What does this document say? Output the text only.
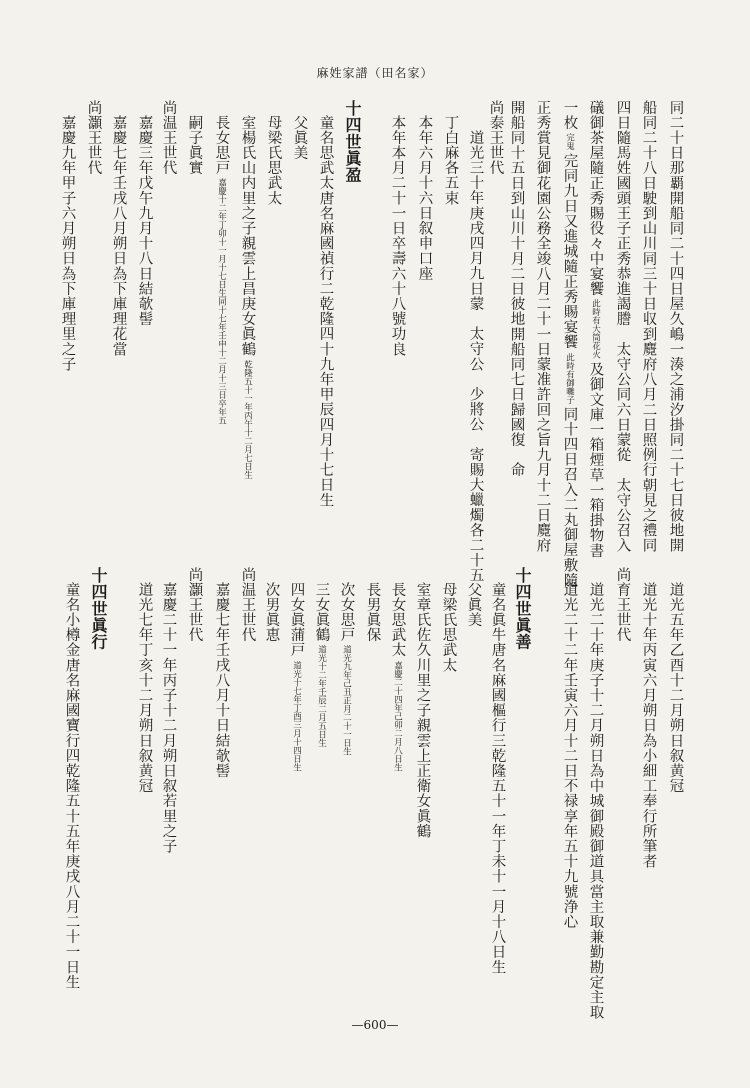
麻姓家譜（田名家）
同二十日那覇開船同二十四日屋久嶋一湊之浦汐掛同二十七日彼地開
船同二十八日駛到山川同三十日収到麑府八月二日照例行朝見之禮同
四日隨馬姓國頭王子正秀恭進謁謄　太守公同六日蒙從　太守公召入
礒御茶屋隨正秀賜役々中宴饗此時有大筒花火及御文庫一箱煙草一箱掛物書
一枚完鬼完同九日又進城隨正秀賜宴饗此時有御囃子同十四日召入二丸御屋敷隨
正秀賞見御花園公務全竣八月二十一日蒙准許回之旨九月十二日麑府
開船同十五日到山川十月二日彼地開船同七日歸國復　命
尚泰王世代
道光三十年庚戌四月九日蒙　太守公　少將公　寄賜大蠟燭各二十五
丁白麻各五束
本年六月十六日叙申口座
本年本月二十一日卒壽六十八號功良
十四世眞盈
童名思武太唐名麻國禎行二乾隆四十九年甲辰四月十七日生
父眞美
母梁氏思武太
室楊氏山内里之子親雲上昌庚女眞鶴乾隆五十一年丙午十二月七日生
長女思戸嘉慶十二年丁卯十一月十七日生同十七年壬申十二月十三日卒年五
嗣子眞實
尚温王世代
嘉慶三年戊午九月十八日結欹髻
嘉慶七年壬戌八月朔日為下庫理花當
尚灝王世代
嘉慶九年甲子六月朔日為下庫理里之子
道光五年乙酉十二月朔日叙黄冠
道光十年丙寅六月朔日為小細工奉行所筆者
尚育王世代
道光二十年庚子十二月朔日為中城御殿御道具當主取兼勤勘定主取
道光二十二年壬寅六月十二日不禄享年五十九號浄心
十四世眞善
童名眞牛唐名麻國樞行三乾隆五十一年丁未十一月十八日生
父眞美
母梁氏思武太
室章氏佐久川里之子親雲上正衛女眞鶴
長女思武太嘉慶二十四年己卯二月八日生
長男眞保
次女思戸道光九年己丑正月二十一日生
三女眞鶴道光十二年壬辰二月五日生
四女眞蒲戸道光十七年丁酉三月十四日生
次男眞恵
尚温王世代
嘉慶七年壬戌八月十日結欹髻
尚灝王世代
嘉慶二十一年丙子十二月朔日叙若里之子
道光七年丁亥十二月朔日叙黄冠
十四世眞行
童名小樽金唐名麻國寶行四乾隆五十五年庚戌八月二十一日生
—600—
